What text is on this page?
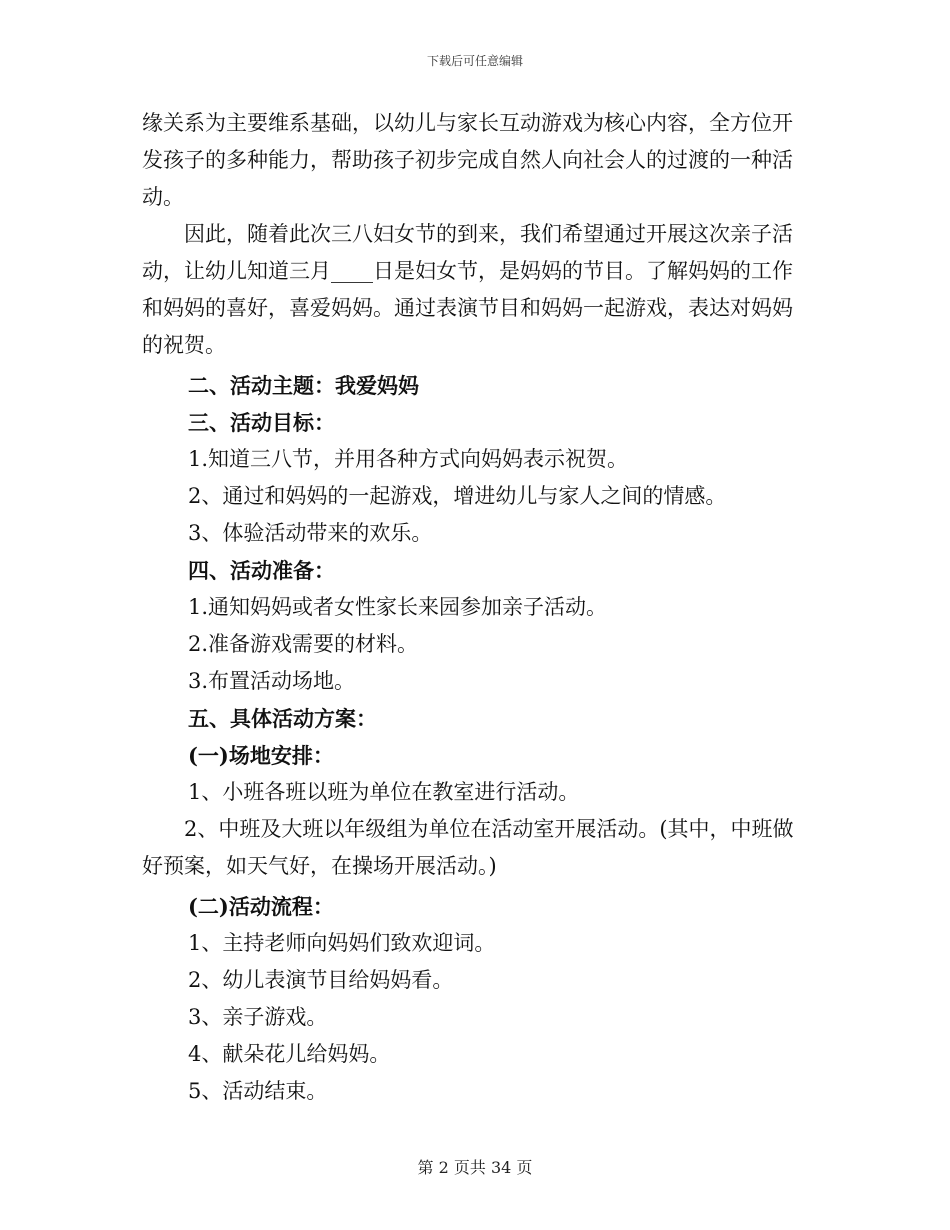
下载后可任意编辑

缘关系为主要维系基础，以幼儿与家长互动游戏为核心内容，全方位开发孩子的多种能力，帮助孩子初步完成自然人向社会人的过渡的一种活动。

因此，随着此次三八妇女节的到来，我们希望通过开展这次亲子活动，让幼儿知道三月____日是妇女节，是妈妈的节目。了解妈妈的工作和妈妈的喜好，喜爱妈妈。通过表演节目和妈妈一起游戏，表达对妈妈的祝贺。

二、活动主题：我爱妈妈

三、活动目标：

1.知道三八节，并用各种方式向妈妈表示祝贺。

2、通过和妈妈的一起游戏，增进幼儿与家人之间的情感。

3、体验活动带来的欢乐。

四、活动准备：

1.通知妈妈或者女性家长来园参加亲子活动。

2.准备游戏需要的材料。

3.布置活动场地。

五、具体活动方案：

(一)场地安排：

1、小班各班以班为单位在教室进行活动。

2、中班及大班以年级组为单位在活动室开展活动。(其中，中班做好预案，如天气好，在操场开展活动。)

(二)活动流程：

1、主持老师向妈妈们致欢迎词。

2、幼儿表演节目给妈妈看。

3、亲子游戏。

4、献朵花儿给妈妈。

5、活动结束。

第 2 页共 34 页
